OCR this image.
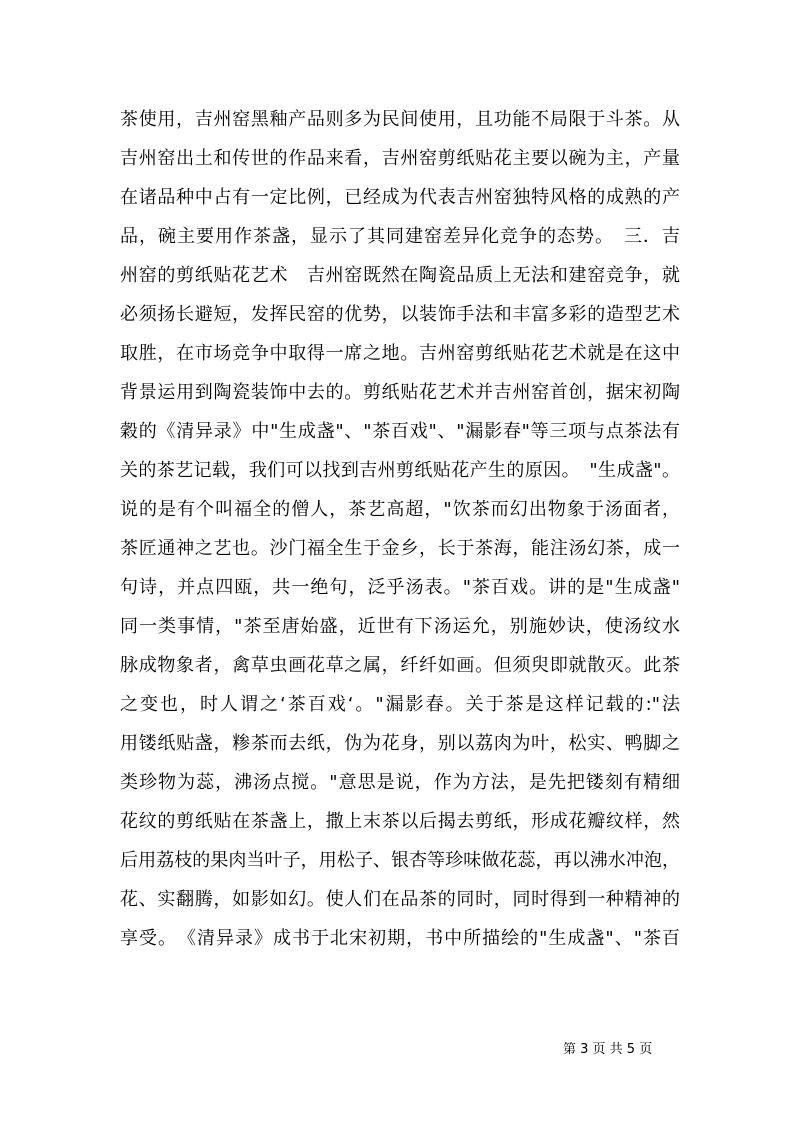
茶使用，吉州窑黑釉产品则多为民间使用，且功能不局限于斗茶。从
吉州窑出土和传世的作品来看，吉州窑剪纸贴花主要以碗为主，产量
在诸品种中占有一定比例，已经成为代表吉州窑独特风格的成熟的产
品，碗主要用作茶盏，显示了其同建窑差异化竞争的态势。　三．吉
州窑的剪纸贴花艺术　吉州窑既然在陶瓷品质上无法和建窑竞争，就
必须扬长避短，发挥民窑的优势，以装饰手法和丰富多彩的造型艺术
取胜，在市场竞争中取得一席之地。吉州窑剪纸贴花艺术就是在这中
背景运用到陶瓷装饰中去的。剪纸贴花艺术并吉州窑首创，据宋初陶
穀的《清异录》中"生成盏"、"茶百戏"、"漏影春"等三项与点茶法有
关的茶艺记载，我们可以找到吉州剪纸贴花产生的原因。　"生成盏"。
说的是有个叫福全的僧人，茶艺高超，"饮茶而幻出物象于汤面者，
茶匠通神之艺也。沙门福全生于金乡，长于茶海，能注汤幻茶，成一
句诗，并点四瓯，共一绝句，泛乎汤表。"茶百戏。讲的是"生成盏"
同一类事情，"茶至唐始盛，近世有下汤运允，别施妙诀，使汤纹水
脉成物象者，禽草虫画花草之属，纤纤如画。但须臾即就散灭。此茶
之变也，时人谓之‘茶百戏‘。"漏影春。关于茶是这样记载的:"法
用镂纸贴盏，糁茶而去纸，伪为花身，别以荔肉为叶，松实、鸭脚之
类珍物为蕊，沸汤点搅。"意思是说，作为方法，是先把镂刻有精细
花纹的剪纸贴在茶盏上，撒上末茶以后揭去剪纸，形成花瓣纹样，然
后用荔枝的果肉当叶子，用松子、银杏等珍味做花蕊，再以沸水冲泡，
花、实翻腾，如影如幻。使人们在品茶的同时，同时得到一种精神的
享受。　《清异录》成书于北宋初期，书中所描绘的"生成盏"、"茶百
第 3 页 共 5 页
